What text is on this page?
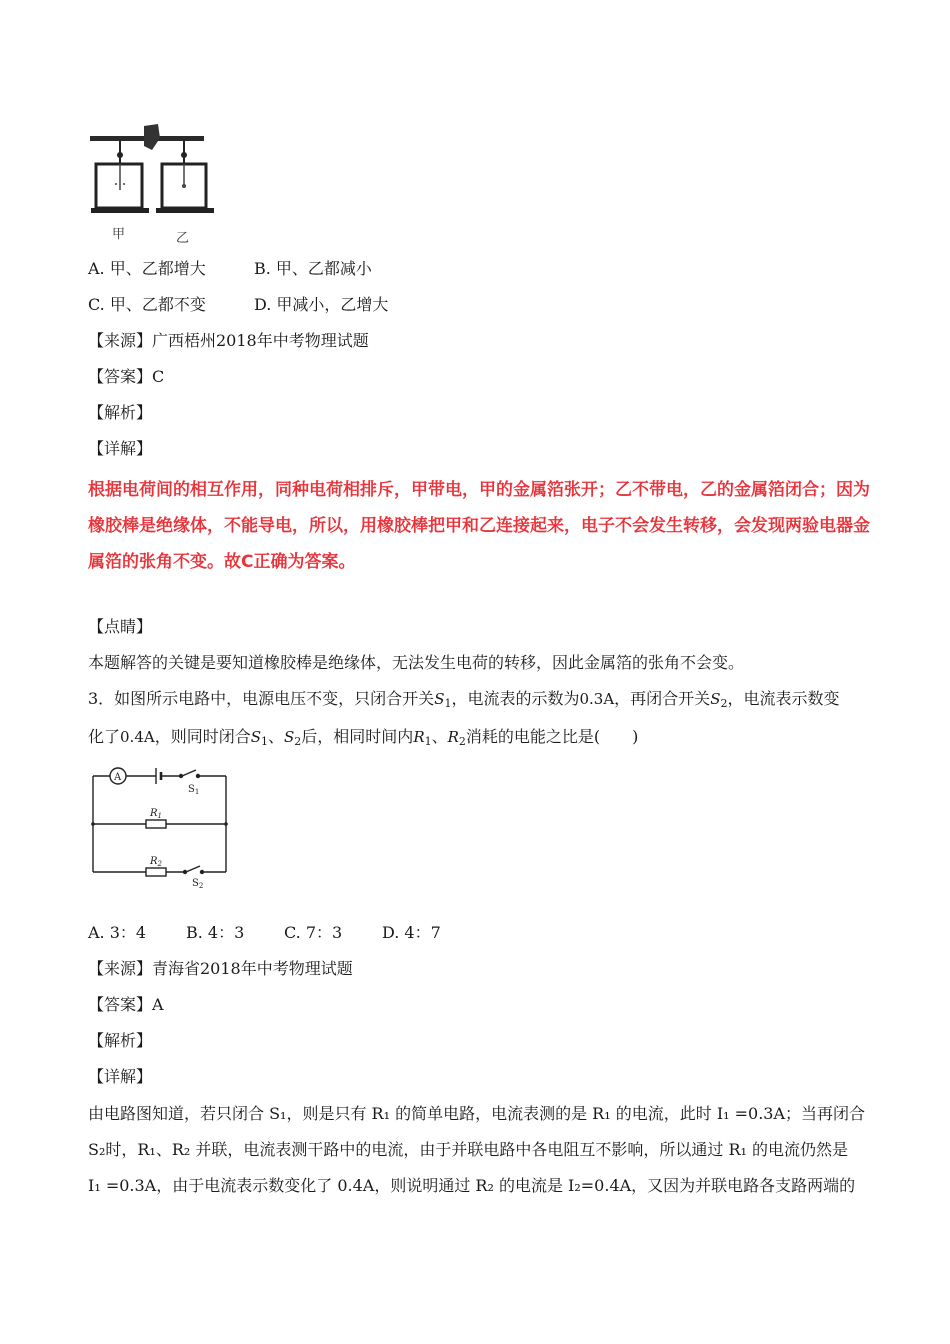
甲	乙
A. 甲、乙都增大	B. 甲、乙都减小
C. 甲、乙都不变	D. 甲减小，乙增大
【来源】广西梧州2018年中考物理试题
【答案】C
【解析】
【详解】
根据电荷间的相互作用，同种电荷相排斥，甲带电，甲的金属箔张开；乙不带电，乙的金属箔闭合；因为
橡胶棒是绝缘体，不能导电，所以，用橡胶棒把甲和乙连接起来，电子不会发生转移，会发现两验电器金
属箔的张角不变。故C正确为答案。
【点睛】
本题解答的关键是要知道橡胶棒是绝缘体，无法发生电荷的转移，因此金属箔的张角不会变。
3．如图所示电路中，电源电压不变，只闭合开关$S_1$，电流表的示数为0.3A，再闭合开关$S_2$，电流表示数变
化了0.4A，则同时闭合$S_1$、$S_2$后，相同时间内$R_1$、$R_2$消耗的电能之比是(　　)
A
$S_1$
$R_1$
$R_2$
$S_2$
A. 3：4 B. 4：3 C. 7：3 D. 4：7
【来源】青海省2018年中考物理试题
【答案】A
【解析】
【详解】
由电路图知道，若只闭合 S₁，则是只有 R₁ 的简单电路，电流表测的是 R₁ 的电流，此时 I₁ =0.3A；当再闭合
S₂时，R₁、R₂ 并联，电流表测干路中的电流，由于并联电路中各电阻互不影响，所以通过 R₁ 的电流仍然是
I₁ =0.3A，由于电流表示数变化了 0.4A，则说明通过 R₂ 的电流是 I₂=0.4A，又因为并联电路各支路两端的
